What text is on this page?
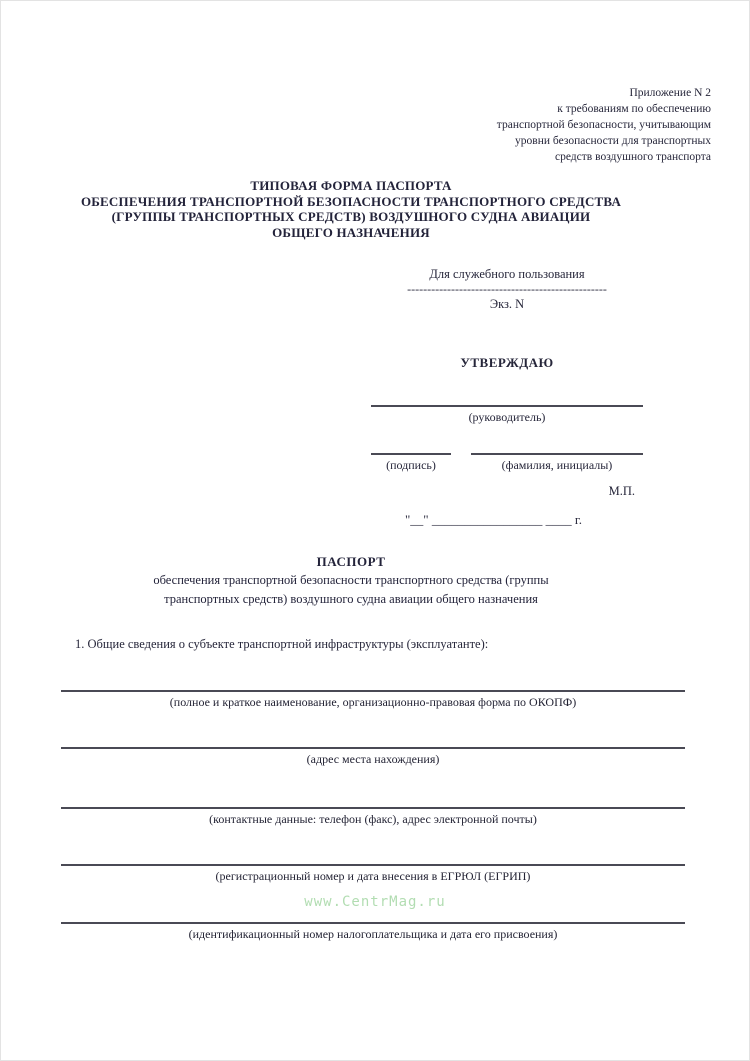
Приложение N 2
к требованиям по обеспечению
транспортной безопасности, учитывающим
уровни безопасности для транспортных
средств воздушного транспорта
ТИПОВАЯ ФОРМА ПАСПОРТА
ОБЕСПЕЧЕНИЯ ТРАНСПОРТНОЙ БЕЗОПАСНОСТИ ТРАНСПОРТНОГО СРЕДСТВА
(ГРУППЫ ТРАНСПОРТНЫХ СРЕДСТВ) ВОЗДУШНОГО СУДНА АВИАЦИИ
ОБЩЕГО НАЗНАЧЕНИЯ
Для служебного пользования
--------------------------------------------------
Экз. N
УТВЕРЖДАЮ
(руководитель)
(подпись)	(фамилия, инициалы)
М.П.
"__" _________________ ____ г.
ПАСПОРТ
обеспечения транспортной безопасности транспортного средства (группы
транспортных средств) воздушного судна авиации общего назначения
1. Общие сведения о субъекте транспортной инфраструктуры (эксплуатанте):
(полное и краткое наименование, организационно-правовая форма по ОКОПФ)
(адрес места нахождения)
(контактные данные: телефон (факс), адрес электронной почты)
(регистрационный номер и дата внесения в ЕГРЮЛ (ЕГРИП)
(идентификационный номер налогоплательщика и дата его присвоения)
www.CentrMag.ru
